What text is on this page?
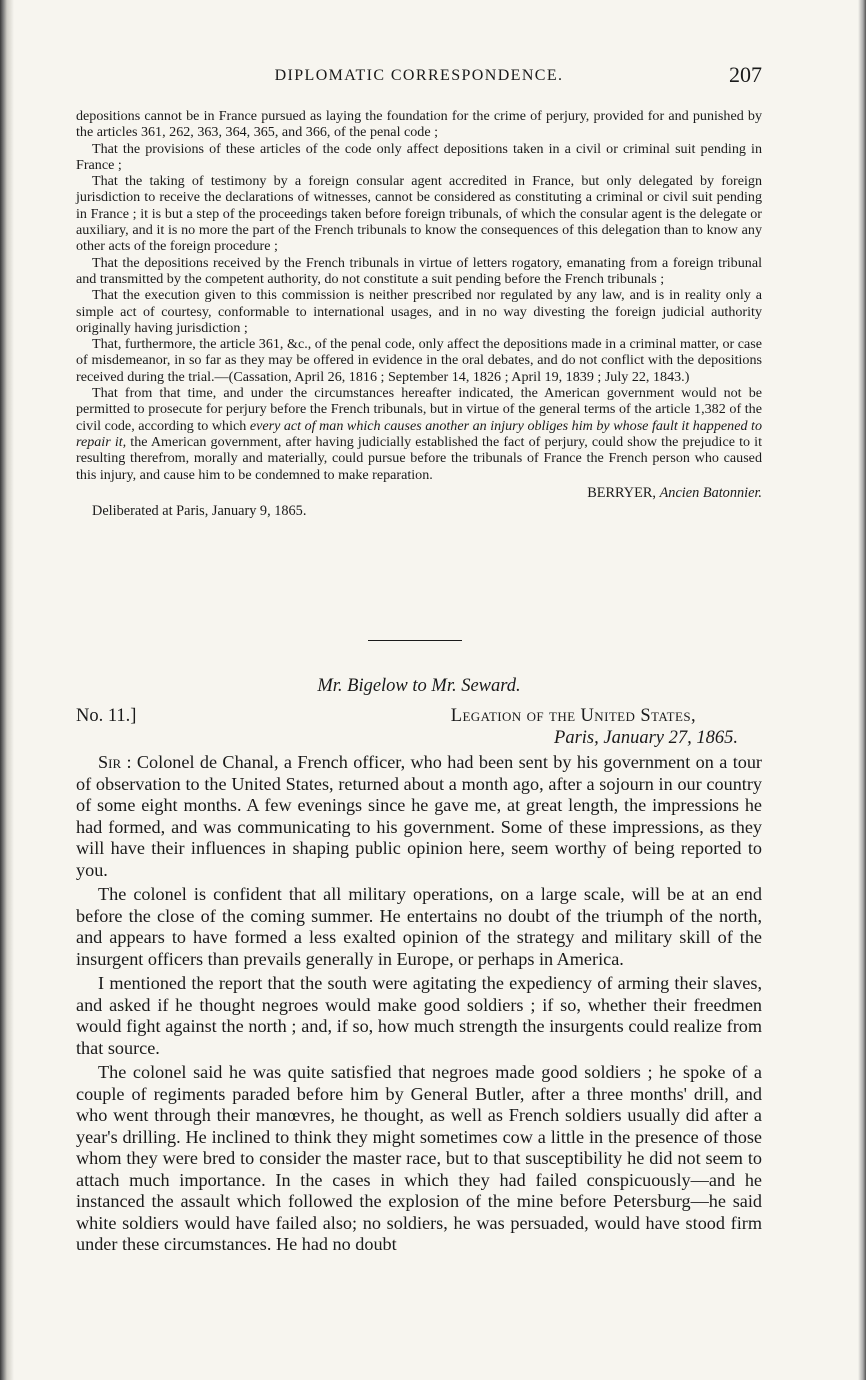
DIPLOMATIC CORRESPONDENCE.	207

depositions cannot be in France pursued as laying the foundation for the crime of perjury, provided for and punished by the articles 361, 262, 363, 364, 365, and 366, of the penal code ;

That the provisions of these articles of the code only affect depositions taken in a civil or criminal suit pending in France ;

That the taking of testimony by a foreign consular agent accredited in France, but only delegated by foreign jurisdiction to receive the declarations of witnesses, cannot be considered as constituting a criminal or civil suit pending in France ; it is but a step of the proceedings taken before foreign tribunals, of which the consular agent is the delegate or auxiliary, and it is no more the part of the French tribunals to know the consequences of this delegation than to know any other acts of the foreign procedure ;

That the depositions received by the French tribunals in virtue of letters rogatory, emanating from a foreign tribunal and transmitted by the competent authority, do not constitute a suit pending before the French tribunals ;

That the execution given to this commission is neither prescribed nor regulated by any law, and is in reality only a simple act of courtesy, conformable to international usages, and in no way divesting the foreign judicial authority originally having jurisdiction ;

That, furthermore, the article 361, &c., of the penal code, only affect the depositions made in a criminal matter, or case of misdemeanor, in so far as they may be offered in evidence in the oral debates, and do not conflict with the depositions received during the trial.—(Cassation, April 26, 1816 ; September 14, 1826 ; April 19, 1839 ; July 22, 1843.)

That from that time, and under the circumstances hereafter indicated, the American government would not be permitted to prosecute for perjury before the French tribunals, but in virtue of the general terms of the article 1,382 of the civil code, according to which every act of man which causes another an injury obliges him by whose fault it happened to repair it, the American government, after having judicially established the fact of perjury, could show the prejudice to it resulting therefrom, morally and materially, could pursue before the tribunals of France the French person who caused this injury, and cause him to be condemned to make reparation.

BERRYER, Ancien Batonnier.
Deliberated at Paris, January 9, 1865.
Mr. Bigelow to Mr. Seward.
No. 11.]	Legation of the United States,
Paris, January 27, 1865.

Sir : Colonel de Chanal, a French officer, who had been sent by his government on a tour of observation to the United States, returned about a month ago, after a sojourn in our country of some eight months. A few evenings since he gave me, at great length, the impressions he had formed, and was communicating to his government. Some of these impressions, as they will have their influences in shaping public opinion here, seem worthy of being reported to you.

The colonel is confident that all military operations, on a large scale, will be at an end before the close of the coming summer. He entertains no doubt of the triumph of the north, and appears to have formed a less exalted opinion of the strategy and military skill of the insurgent officers than prevails generally in Europe, or perhaps in America.

I mentioned the report that the south were agitating the expediency of arming their slaves, and asked if he thought negroes would make good soldiers ; if so, whether their freedmen would fight against the north ; and, if so, how much strength the insurgents could realize from that source.

The colonel said he was quite satisfied that negroes made good soldiers ; he spoke of a couple of regiments paraded before him by General Butler, after a three months' drill, and who went through their manœvres, he thought, as well as French soldiers usually did after a year's drilling. He inclined to think they might sometimes cow a little in the presence of those whom they were bred to consider the master race, but to that susceptibility he did not seem to attach much importance. In the cases in which they had failed conspicuously—and he instanced the assault which followed the explosion of the mine before Petersburg—he said white soldiers would have failed also; no soldiers, he was persuaded, would have stood firm under these circumstances. He had no doubt
